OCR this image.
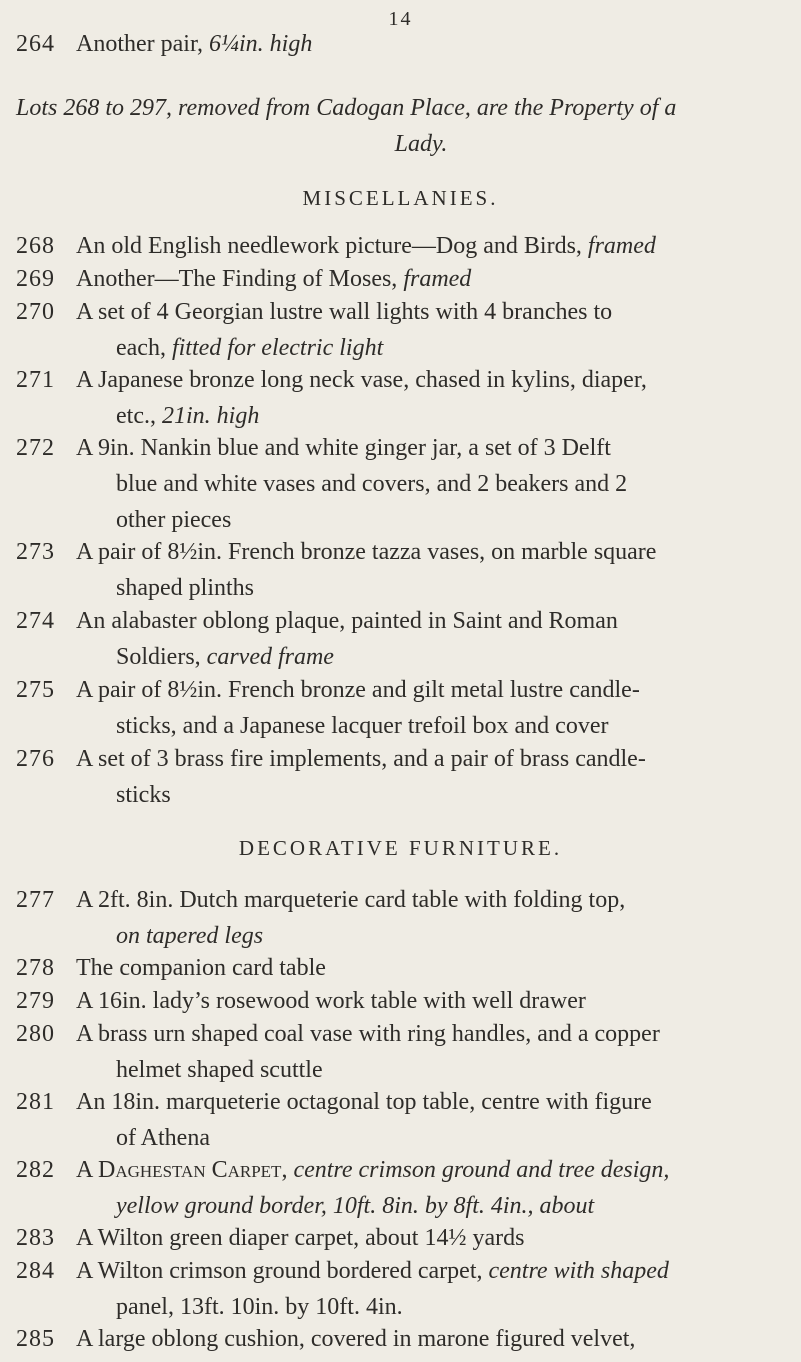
14
264 Another pair, 6¼in. high
Lots 268 to 297, removed from Cadogan Place, are the Property of a
Lady.
MISCELLANIES.
268 An old English needlework picture—Dog and Birds, framed
269 Another—The Finding of Moses, framed
270 A set of 4 Georgian lustre wall lights with 4 branches to
each, fitted for electric light
271 A Japanese bronze long neck vase, chased in kylins, diaper,
etc., 21in. high
272 A 9in. Nankin blue and white ginger jar, a set of 3 Delft
blue and white vases and covers, and 2 beakers and 2
other pieces
273 A pair of 8½in. French bronze tazza vases, on marble square
shaped plinths
274 An alabaster oblong plaque, painted in Saint and Roman
Soldiers, carved frame
275 A pair of 8½in. French bronze and gilt metal lustre candle-
sticks, and a Japanese lacquer trefoil box and cover
276 A set of 3 brass fire implements, and a pair of brass candle-
sticks
DECORATIVE FURNITURE.
277 A 2ft. 8in. Dutch marqueterie card table with folding top,
on tapered legs
278 The companion card table
279 A 16in. lady’s rosewood work table with well drawer
280 A brass urn shaped coal vase with ring handles, and a copper
helmet shaped scuttle
281 An 18in. marqueterie octagonal top table, centre with figure
of Athena
282 A Daghestan Carpet, centre crimson ground and tree design,
yellow ground border, 10ft. 8in. by 8ft. 4in., about
283 A Wilton green diaper carpet, about 14½ yards
284 A Wilton crimson ground bordered carpet, centre with shaped
panel, 13ft. 10in. by 10ft. 4in.
285 A large oblong cushion, covered in marone figured velvet,
